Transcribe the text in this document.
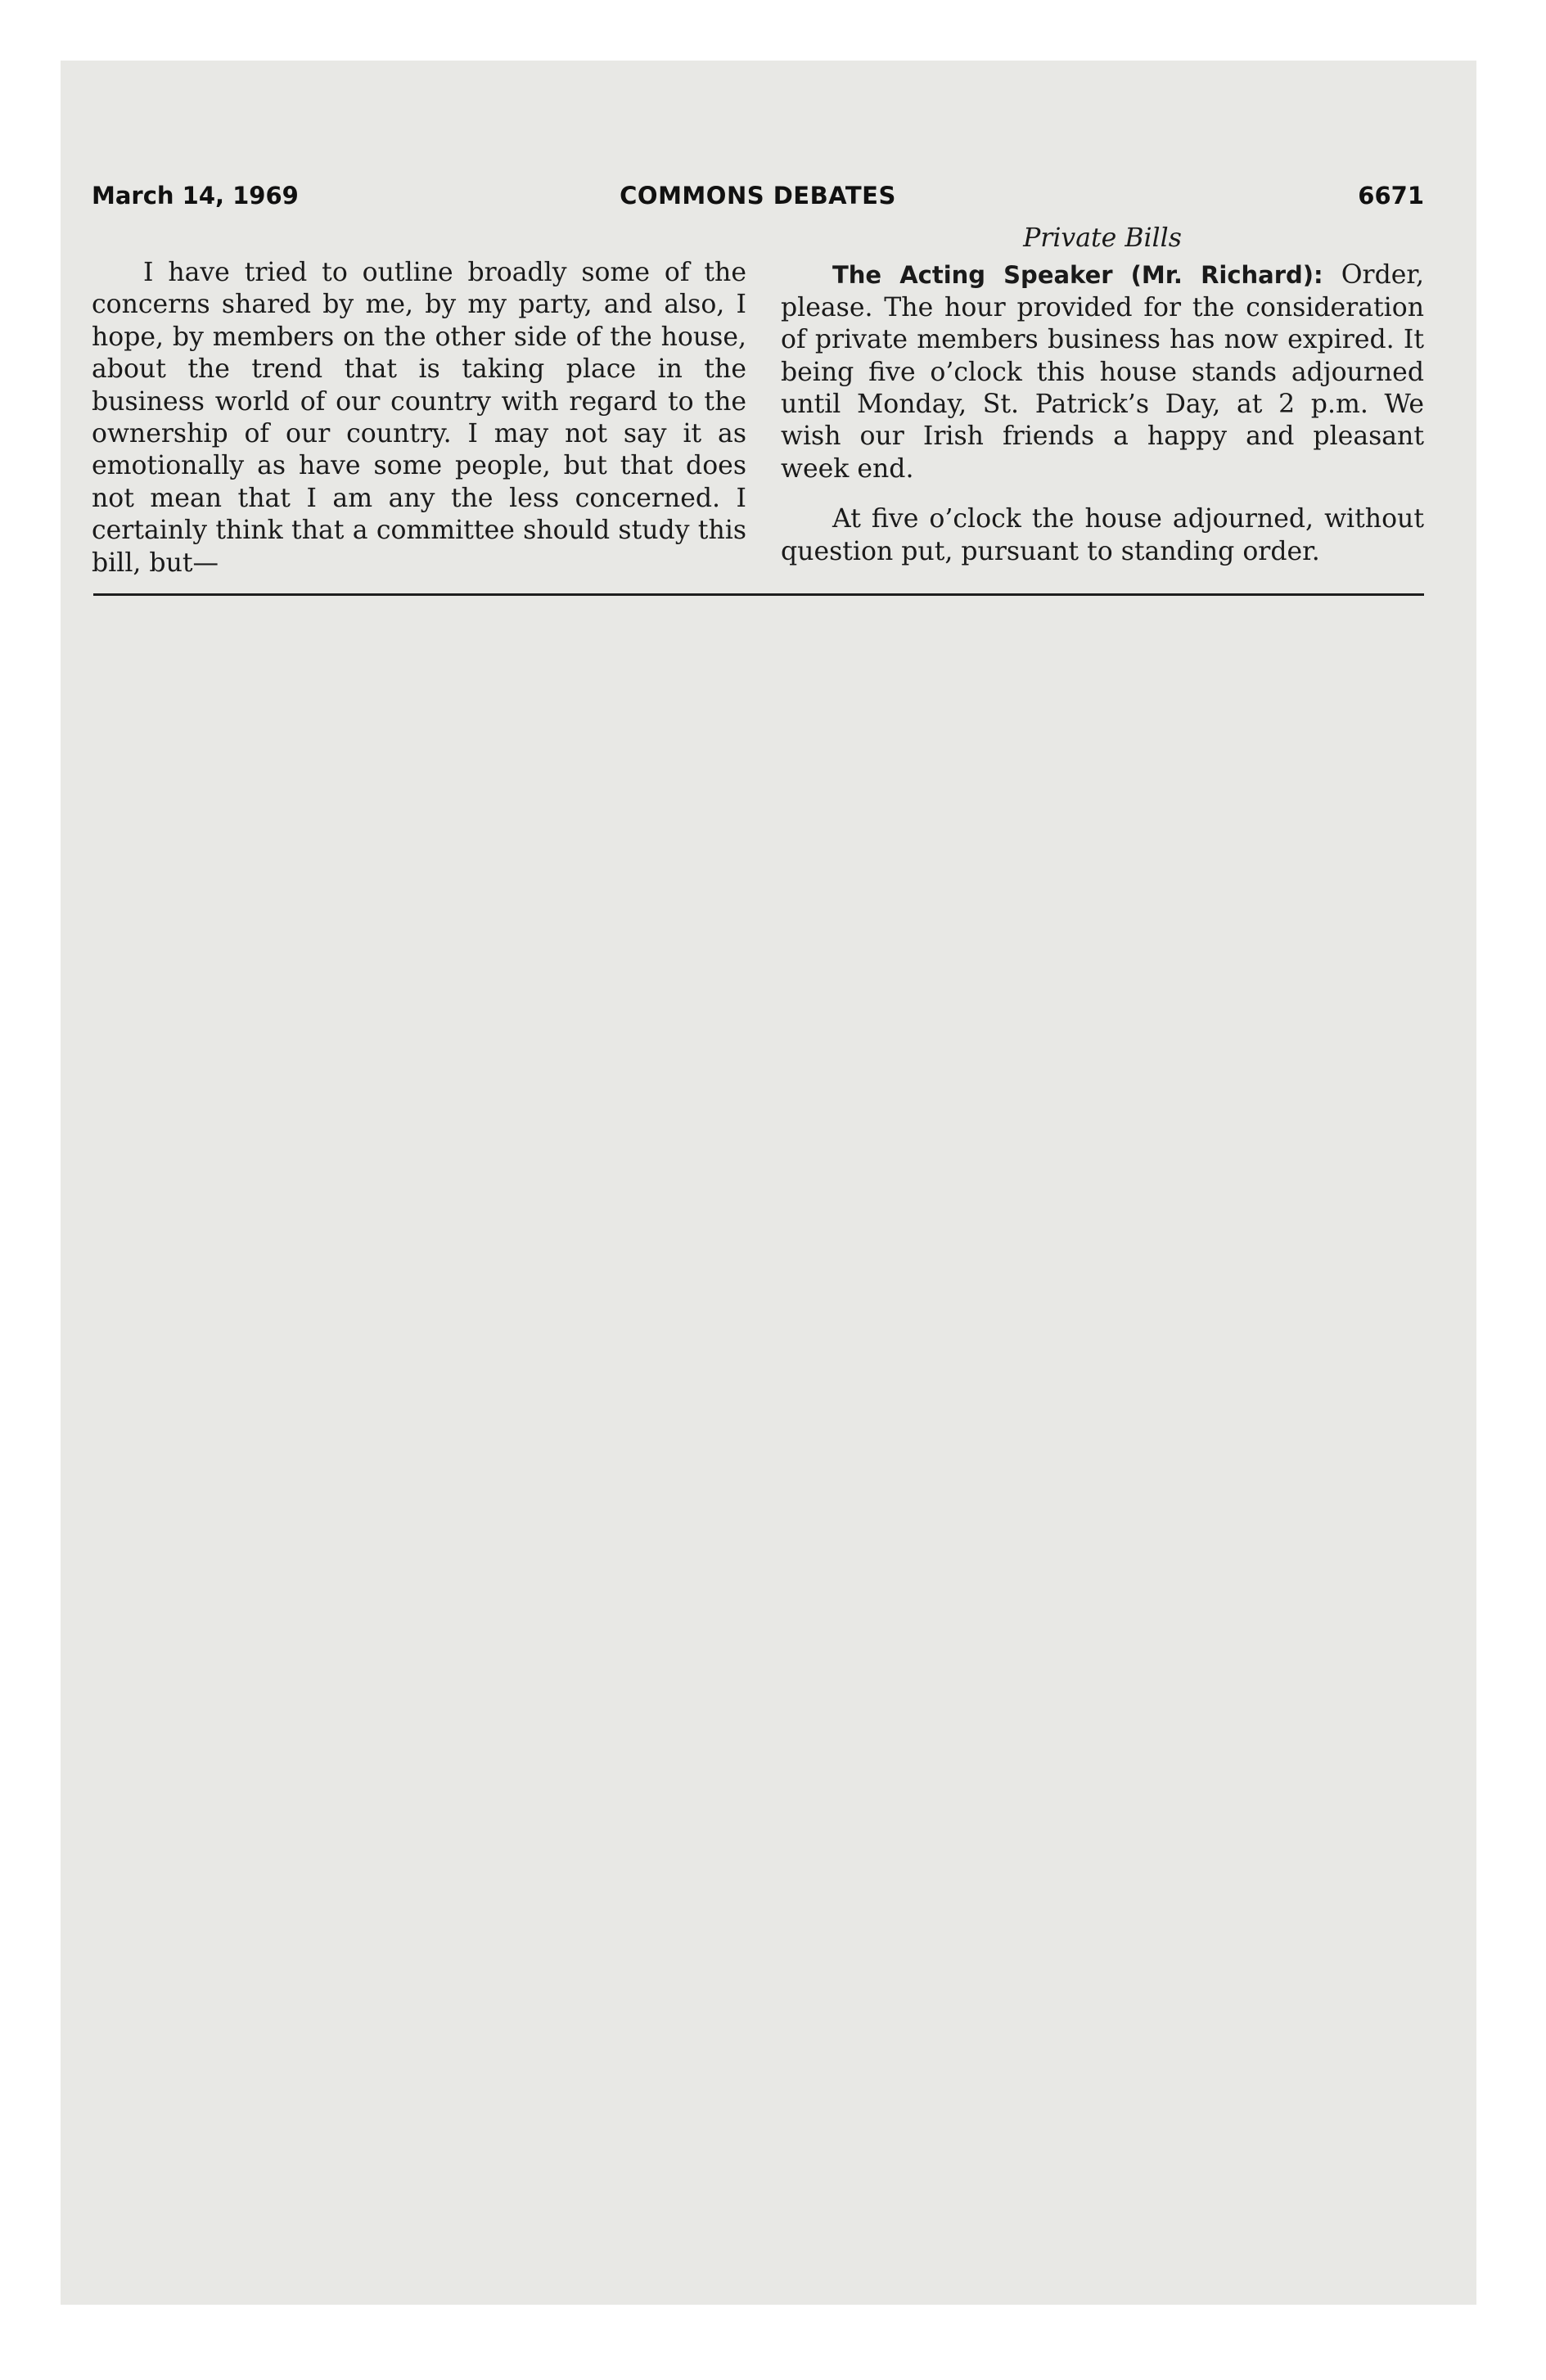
March 14, 1969	COMMONS DEBATES	6671

I have tried to outline broadly some of the concerns shared by me, by my party, and also, I hope, by members on the other side of the house, about the trend that is taking place in the business world of our country with regard to the ownership of our country. I may not say it as emotionally as have some people, but that does not mean that I am any the less concerned. I certainly think that a committee should study this bill, but—

Private Bills

The Acting Speaker (Mr. Richard): Order, please. The hour provided for the consideration of private members business has now expired. It being five o’clock this house stands adjourned until Monday, St. Patrick’s Day, at 2 p.m. We wish our Irish friends a happy and pleasant week end.

At five o’clock the house adjourned, without question put, pursuant to standing order.
